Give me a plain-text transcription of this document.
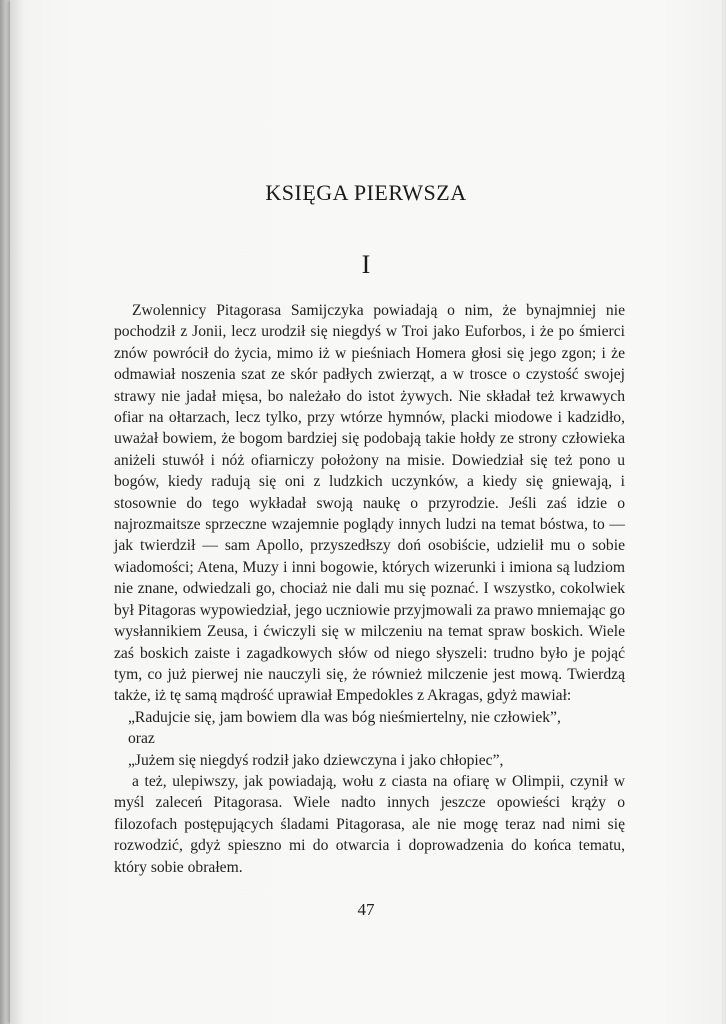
KSIĘGA PIERWSZA
I

Zwolennicy Pitagorasa Samijczyka powiadają o nim, że bynajmniej nie pochodził z Jonii, lecz urodził się niegdyś w Troi jako Euforbos, i że po śmierci znów powrócił do życia, mimo iż w pieśniach Homera głosi się jego zgon; i że odmawiał noszenia szat ze skór padłych zwierząt, a w trosce o czystość swojej strawy nie jadał mięsa, bo należało do istot żywych. Nie składał też krwawych ofiar na ołtarzach, lecz tylko, przy wtórze hymnów, placki miodowe i kadzidło, uważał bowiem, że bogom bardziej się podobają takie hołdy ze strony człowieka aniżeli stuwół i nóż ofiarniczy położony na misie. Dowiedział się też pono u bogów, kiedy radują się oni z ludzkich uczynków, a kiedy się gniewają, i stosownie do tego wykładał swoją naukę o przyrodzie. Jeśli zaś idzie o najrozmaitsze sprzeczne wzajemnie poglądy innych ludzi na temat bóstwa, to — jak twierdził — sam Apollo, przyszedłszy doń osobiście, udzielił mu o sobie wiadomości; Atena, Muzy i inni bogowie, których wizerunki i imiona są ludziom nie znane, odwiedzali go, chociaż nie dali mu się poznać. I wszystko, cokolwiek był Pitagoras wypowiedział, jego uczniowie przyjmowali za prawo mniemając go wysłannikiem Zeusa, i ćwiczyli się w milczeniu na temat spraw boskich. Wiele zaś boskich zaiste i zagadkowych słów od niego słyszeli: trudno było je pojąć tym, co już pierwej nie nauczyli się, że również milczenie jest mową. Twierdzą także, iż tę samą mądrość uprawiał Empedokles z Akragas, gdyż mawiał:

„Radujcie się, jam bowiem dla was bóg nieśmiertelny, nie człowiek”,

oraz

„Jużem się niegdyś rodził jako dziewczyna i jako chłopiec”,

a też, ulepiwszy, jak powiadają, wołu z ciasta na ofiarę w Olimpii, czynił w myśl zaleceń Pitagorasa. Wiele nadto innych jeszcze opowieści krąży o filozofach postępujących śladami Pitagorasa, ale nie mogę teraz nad nimi się rozwodzić, gdyż spieszno mi do otwarcia i doprowadzenia do końca tematu, który sobie obrałem.

47
